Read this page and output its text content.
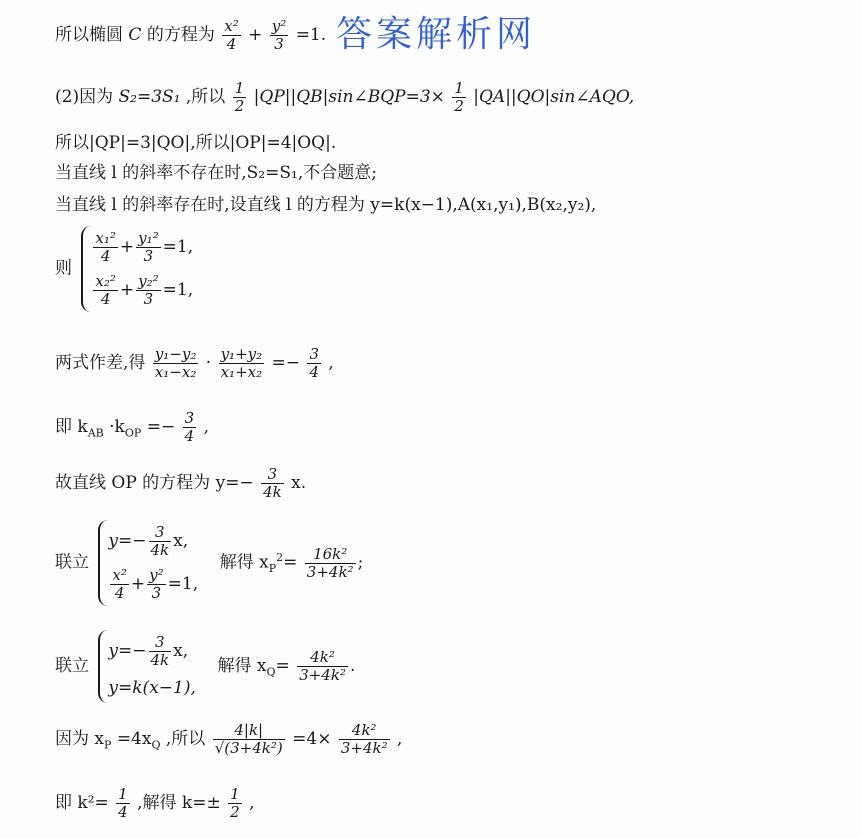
答案解析网
所以椭圆 C 的方程为 $\frac{\text{x²}}{4} + \frac{\text{y²}}{3} =1$.
(2)因为 S₂=3S₁ ,所以 $\frac{1}{2}$ |QP||QB|sin∠BQP=3× $\frac{1}{2}$ |QA||QO|sin∠AQO,
所以|QP|=3|QO|,所以|OP|=4|OQ|.
当直线 l 的斜率不存在时,S₂=S₁,不合题意;
当直线 l 的斜率存在时,设直线 l 的方程为 y=k(x−1),A(x₁,y₁),B(x₂,y₂),
则
$\frac{\text{x₁²}}{4} + \frac{\text{y₁²}}{3} =1$,
$\frac{\text{x₂²}}{4} + \frac{\text{y₂²}}{3} =1$,
两式作差,得 $\frac{\text{y₁−y₂}}{\text{x₁−x₂}} \cdot \frac{\text{y₁+y₂}}{\text{x₁+x₂}} =- \frac{3}{4}$ ,
即 $k_{AB} \cdot k_{OP} =- \frac{3}{4}$ ,
故直线 OP 的方程为 $y=- \frac{3}{4k} x$.
联立
$y=- \frac{3}{4k} x$,
$\frac{\text{x²}}{4} + \frac{\text{y²}}{3} =1$,
解得 $x_P^2= \frac{\text{16k²}}{\text{3+4k²}}$ ;
联立
$y=- \frac{3}{4k} x$,
y=k(x−1),
解得 $x_Q= \frac{\text{4k²}}{\text{3+4k²}}$ .
因为 $x_P =4x_Q$ ,所以 $\frac{4|k|}{\text{√(3+4k²)}} =4\times \frac{\text{4k²}}{\text{3+4k²}}$ ,
即 $k^2= \frac{1}{4}$ ,解得 $k=\pm \frac{1}{2}$ ,
